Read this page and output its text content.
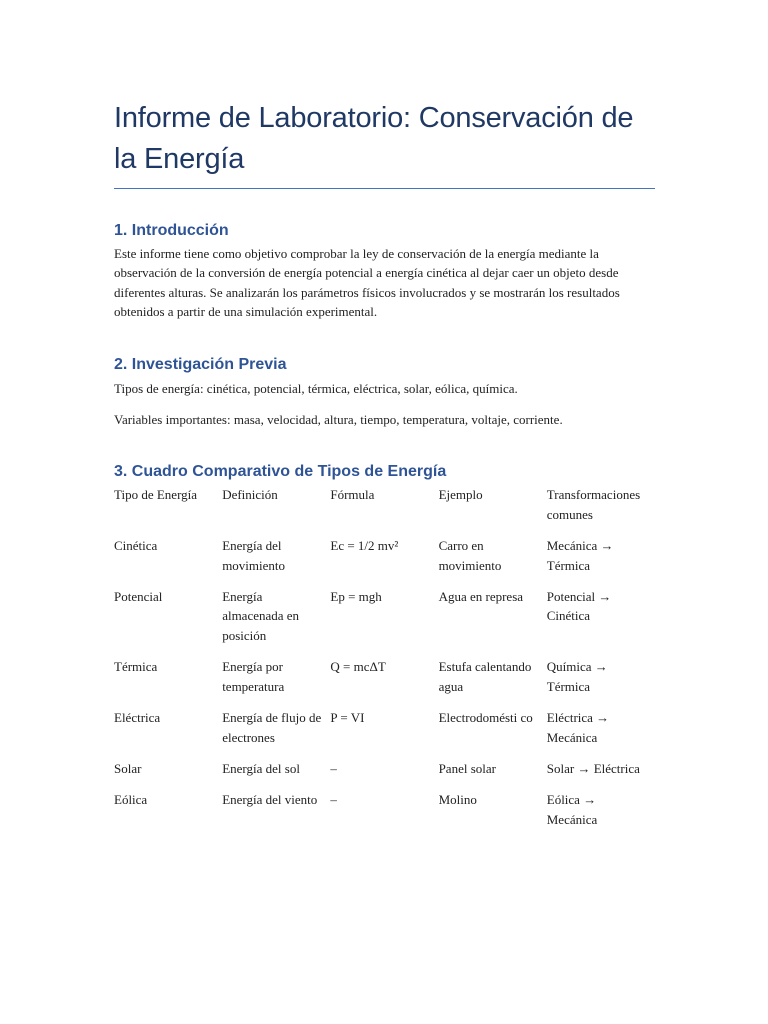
Informe de Laboratorio: Conservación de la Energía
1. Introducción

Este informe tiene como objetivo comprobar la ley de conservación de la energía mediante la observación de la conversión de energía potencial a energía cinética al dejar caer un objeto desde diferentes alturas. Se analizarán los parámetros físicos involucrados y se mostrarán los resultados obtenidos a partir de una simulación experimental.

2. Investigación Previa

Tipos de energía: cinética, potencial, térmica, eléctrica, solar, eólica, química.

Variables importantes: masa, velocidad, altura, tiempo, temperatura, voltaje, corriente.

3. Cuadro Comparativo de Tipos de Energía
Tipo de Energía	Definición	Fórmula	Ejemplo	Transformaciones comunes
Cinética	Energía del movimiento	Ec = 1/2 mv²	Carro en movimiento	Mecánica → Térmica
Potencial	Energía almacenada en posición	Ep = mgh	Agua en represa	Potencial → Cinética
Térmica	Energía por temperatura	Q = mcΔT	Estufa calentando agua	Química → Térmica
Eléctrica	Energía de flujo de electrones	P = VI	Electrodomésti co	Eléctrica → Mecánica
Solar	Energía del sol	–	Panel solar	Solar → Eléctrica
Eólica	Energía del viento	–	Molino	Eólica → Mecánica
